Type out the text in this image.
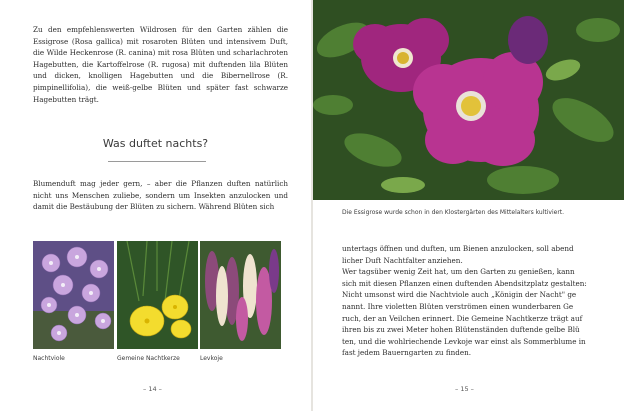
Zu den empfehlenswerten Wildrosen für den Garten zählen die Essigrose (Rosa gallica) mit rosaroten Blüten und intensivem Duft, die Wilde Heckenrose (R. canina) mit rosa Blüten und scharlachroten Hagebutten, die Kartoffelrose (R. rugosa) mit duftenden lila Blüten und dicken, knolligen Hagebutten und die Bibernellrose (R. pimpinellifolia), die weiß-gelbe Blüten und später fast schwarze Hagebutten trägt.

Was duftet nachts?

Blumenduft mag jeder gern, – aber die Pflanzen duften natürlich nicht uns Menschen zuliebe, sondern um Insekten anzulocken und damit die Bestäubung der Blüten zu sichern. Während Blüten sich

Nachtviole	Gemeine Nachtkerze	Levkoje
– 14 –
Die Essigrose wurde schon in den Klostergärten des Mittelalters kultiviert.
untertags öffnen und duften, um Bienen anzulocken, soll abend
licher Duft Nachtfalter anziehen.
Wer tagsüber wenig Zeit hat, um den Garten zu genießen, kann
sich mit diesen Pflanzen einen duftenden Abendsitzplatz gestalten:
Nicht umsonst wird die Nachtviole auch „Königin der Nacht" ge
nannt. Ihre violetten Blüten verströmen einen wunderbaren Ge
ruch, der an Veilchen erinnert. Die Gemeine Nachtkerze trägt auf
ihren bis zu zwei Meter hohen Blütenständen duftende gelbe Blü
ten, und die wohlriechende Levkoje war einst als Sommerblume in
fast jedem Bauerngarten zu finden.
– 15 –
